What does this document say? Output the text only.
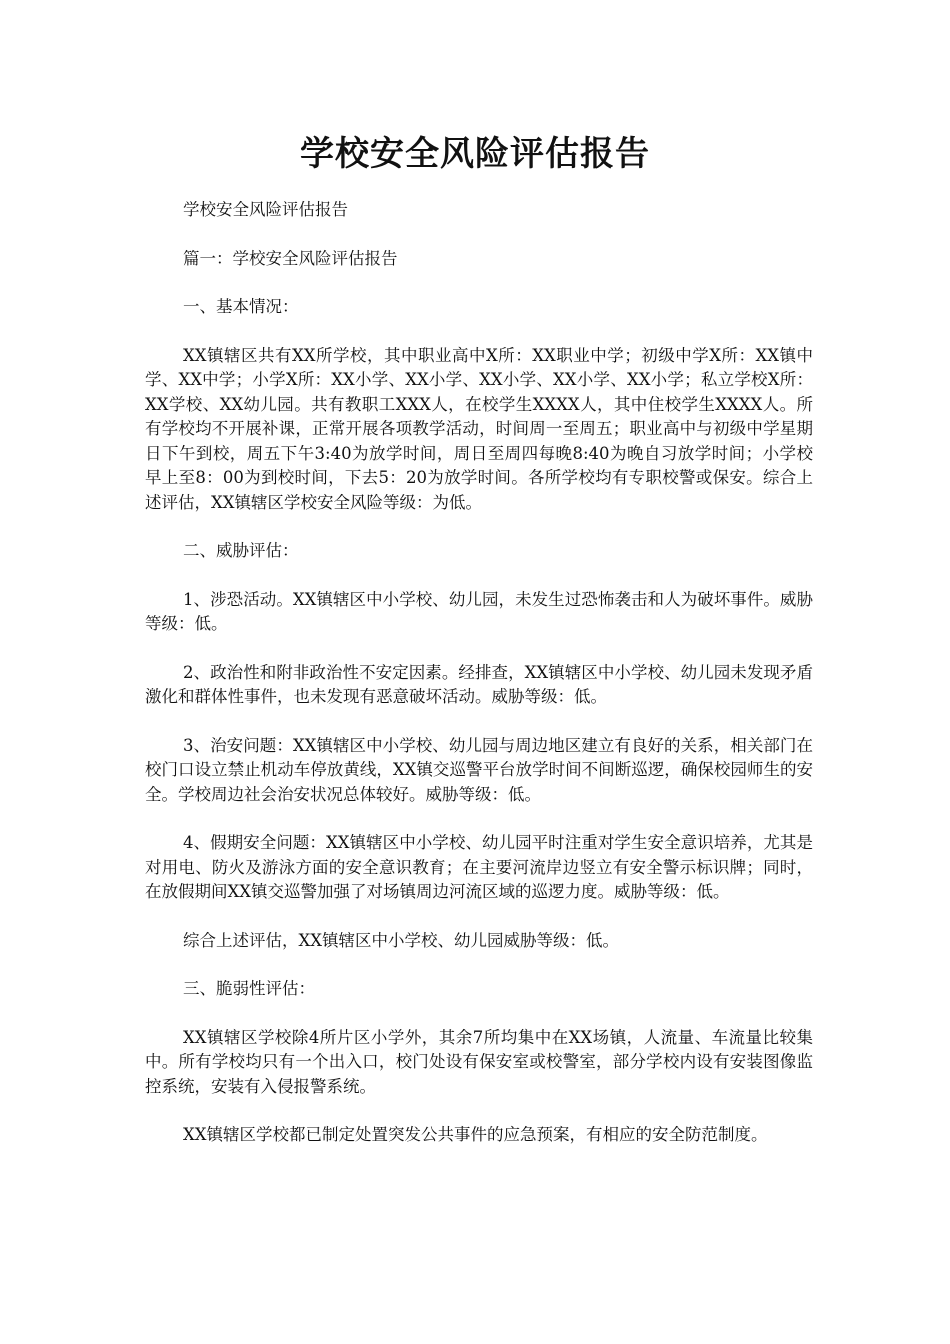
学校安全风险评估报告

学校安全风险评估报告

篇一：学校安全风险评估报告

一、基本情况：

XX镇辖区共有XX所学校，其中职业高中X所：XX职业中学；初级中学X所：XX镇中学、XX中学；小学X所：XX小学、XX小学、XX小学、XX小学、XX小学；私立学校X所：XX学校、XX幼儿园。共有教职工XXX人，在校学生XXXX人，其中住校学生XXXX人。所有学校均不开展补课，正常开展各项教学活动，时间周一至周五；职业高中与初级中学星期日下午到校，周五下午3:40为放学时间，周日至周四每晚8:40为晚自习放学时间；小学校早上至8：00为到校时间，下去5：20为放学时间。各所学校均有专职校警或保安。综合上述评估，XX镇辖区学校安全风险等级：为低。

二、威胁评估：

1、涉恐活动。XX镇辖区中小学校、幼儿园，未发生过恐怖袭击和人为破坏事件。威胁等级：低。

2、政治性和附非政治性不安定因素。经排查，XX镇辖区中小学校、幼儿园未发现矛盾激化和群体性事件，也未发现有恶意破坏活动。威胁等级：低。

3、治安问题：XX镇辖区中小学校、幼儿园与周边地区建立有良好的关系，相关部门在校门口设立禁止机动车停放黄线，XX镇交巡警平台放学时间不间断巡逻，确保校园师生的安全。学校周边社会治安状况总体较好。威胁等级：低。

4、假期安全问题：XX镇辖区中小学校、幼儿园平时注重对学生安全意识培养，尤其是对用电、防火及游泳方面的安全意识教育；在主要河流岸边竖立有安全警示标识牌；同时，在放假期间XX镇交巡警加强了对场镇周边河流区域的巡逻力度。威胁等级：低。

综合上述评估，XX镇辖区中小学校、幼儿园威胁等级：低。

三、脆弱性评估：

XX镇辖区学校除4所片区小学外，其余7所均集中在XX场镇，人流量、车流量比较集中。所有学校均只有一个出入口，校门处设有保安室或校警室，部分学校内设有安装图像监控系统，安装有入侵报警系统。

XX镇辖区学校都已制定处置突发公共事件的应急预案，有相应的安全防范制度。
